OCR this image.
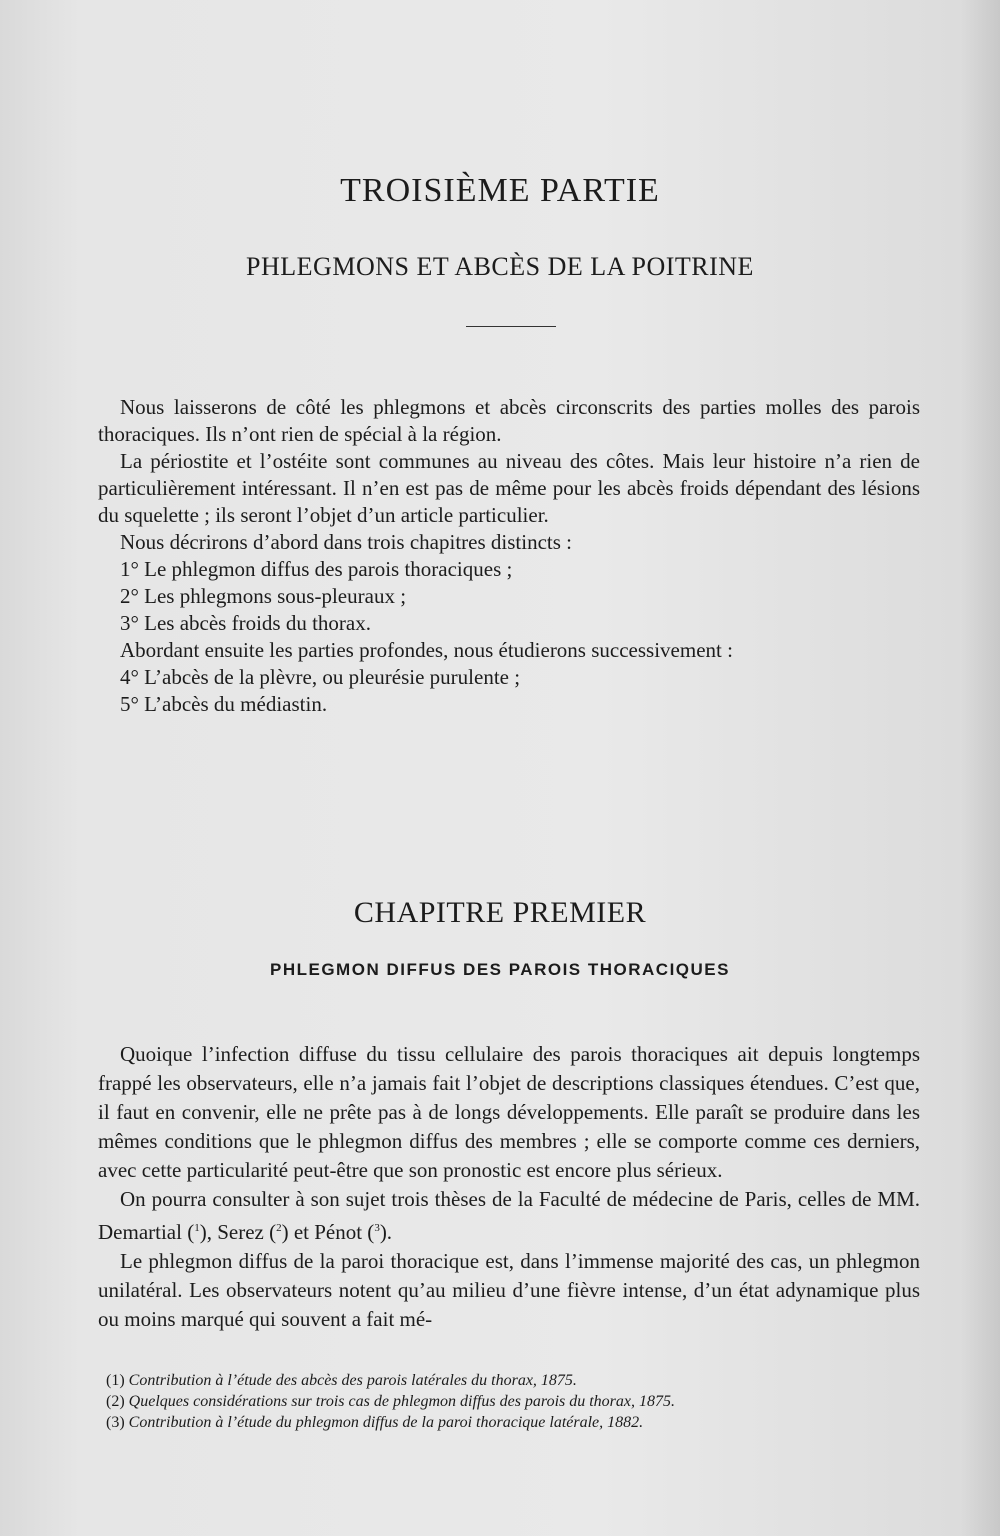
TROISIÈME PARTIE
PHLEGMONS ET ABCÈS DE LA POITRINE

Nous laisserons de côté les phlegmons et abcès circonscrits des parties molles des parois thoraciques. Ils n’ont rien de spécial à la région.

La périostite et l’ostéite sont communes au niveau des côtes. Mais leur histoire n’a rien de particulièrement intéressant. Il n’en est pas de même pour les abcès froids dépendant des lésions du squelette ; ils seront l’objet d’un article particulier.

Nous décrirons d’abord dans trois chapitres distincts :

1° Le phlegmon diffus des parois thoraciques ;

2° Les phlegmons sous-pleuraux ;

3° Les abcès froids du thorax.

Abordant ensuite les parties profondes, nous étudierons successivement :

4° L’abcès de la plèvre, ou pleurésie purulente ;

5° L’abcès du médiastin.

CHAPITRE PREMIER
PHLEGMON DIFFUS DES PAROIS THORACIQUES

Quoique l’infection diffuse du tissu cellulaire des parois thoraciques ait depuis longtemps frappé les observateurs, elle n’a jamais fait l’objet de descriptions classiques étendues. C’est que, il faut en convenir, elle ne prête pas à de longs développements. Elle paraît se produire dans les mêmes conditions que le phlegmon diffus des membres ; elle se comporte comme ces derniers, avec cette particularité peut-être que son pronostic est encore plus sérieux.

On pourra consulter à son sujet trois thèses de la Faculté de médecine de Paris, celles de MM. Demartial ($^1$), Serez ($^2$) et Pénot ($^3$).

Le phlegmon diffus de la paroi thoracique est, dans l’immense majorité des cas, un phlegmon unilatéral. Les observateurs notent qu’au milieu d’une fièvre intense, d’un état adynamique plus ou moins marqué qui souvent a fait mé-

(1) Contribution à l’étude des abcès des parois latérales du thorax, 1875.

(2) Quelques considérations sur trois cas de phlegmon diffus des parois du thorax, 1875.

(3) Contribution à l’étude du phlegmon diffus de la paroi thoracique latérale, 1882.
